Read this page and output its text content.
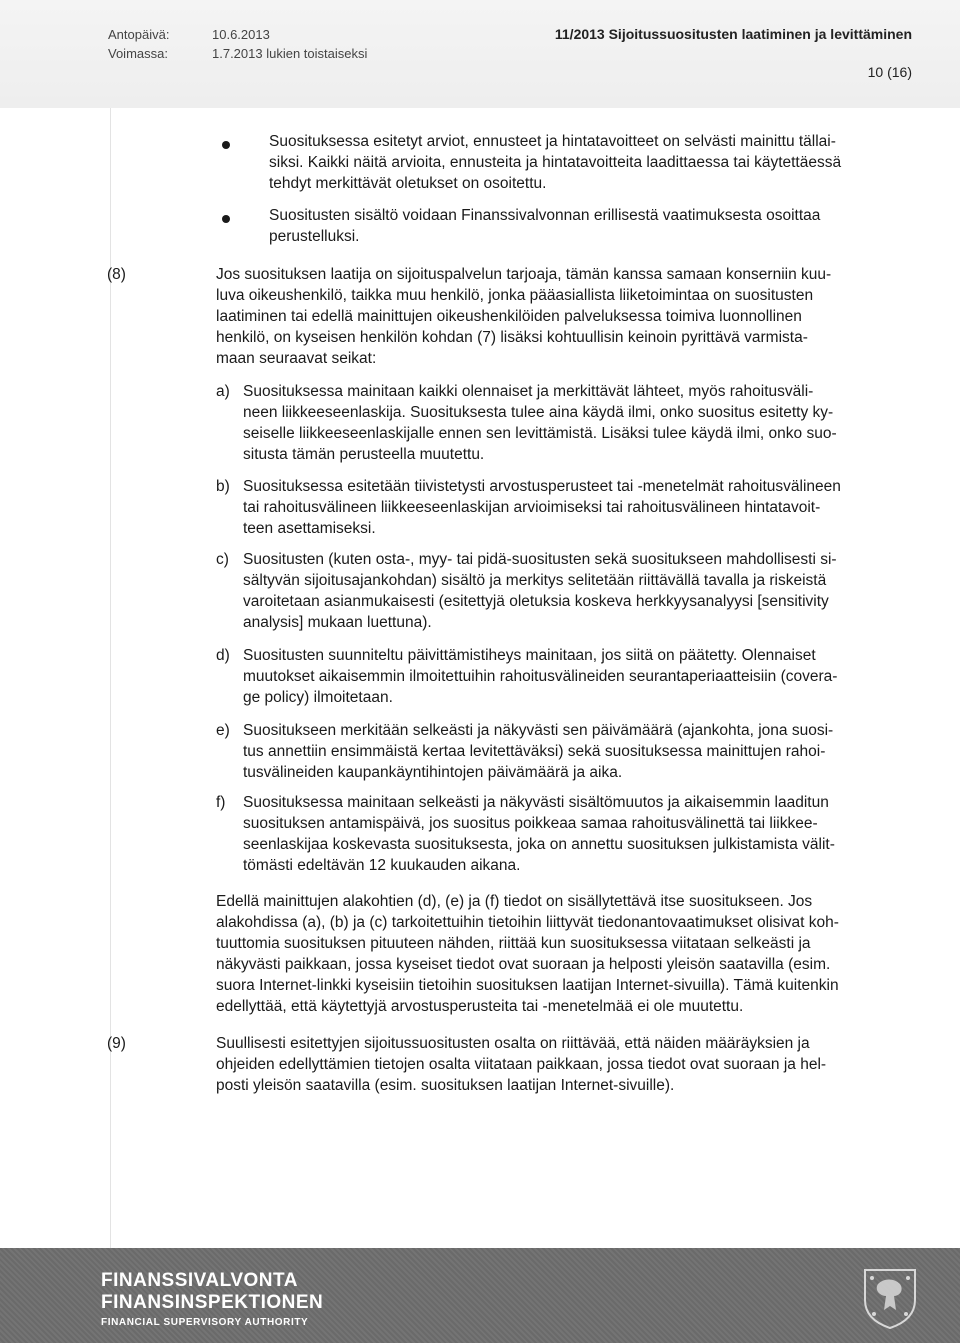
Antopäivä:	10.6.2013
Voimassa:	1.7.2013 lukien toistaiseksi
11/2013 Sijoitussuositusten laatiminen ja levittäminen
10 (16)
Suosituksessa esitetyt arviot, ennusteet ja hintatavoitteet on selvästi mainittu tällai-
siksi. Kaikki näitä arvioita, ennusteita ja hintatavoitteita laadittaessa tai käytettäessä
tehdyt merkittävät oletukset on osoitettu.
Suositusten sisältö voidaan Finanssivalvonnan erillisestä vaatimuksesta osoittaa
perustelluksi.
(8)	Jos suosituksen laatija on sijoituspalvelun tarjoaja, tämän kanssa samaan konserniin kuu-
luva oikeushenkilö, taikka muu henkilö, jonka pääasiallista liiketoimintaa on suositusten
laatiminen tai edellä mainittujen oikeushenkilöiden palveluksessa toimiva luonnollinen
henkilö, on kyseisen henkilön kohdan (7) lisäksi kohtuullisin keinoin pyrittävä varmista-
maan seuraavat seikat:
a) Suosituksessa mainitaan kaikki olennaiset ja merkittävät lähteet, myös rahoitusväli-
neen liikkeeseenlaskija. Suosituksesta tulee aina käydä ilmi, onko suositus esitetty ky-
seiselle liikkeeseenlaskijalle ennen sen levittämistä. Lisäksi tulee käydä ilmi, onko suo-
situsta tämän perusteella muutettu.
b) Suosituksessa esitetään tiivistetysti arvostusperusteet tai -menetelmät rahoitusvälineen
tai rahoitusvälineen liikkeeseenlaskijan arvioimiseksi tai rahoitusvälineen hintatavoit-
teen asettamiseksi.
c) Suositusten (kuten osta-, myy- tai pidä-suositusten sekä suositukseen mahdollisesti si-
sältyvän sijoitusajankohdan) sisältö ja merkitys selitetään riittävällä tavalla ja riskeistä
varoitetaan asianmukaisesti (esitettyjä oletuksia koskeva herkkyysanalyysi [sensitivity
analysis] mukaan luettuna).
d) Suositusten suunniteltu päivittämistiheys mainitaan, jos siitä on päätetty. Olennaiset
muutokset aikaisemmin ilmoitettuihin rahoitusvälineiden seurantaperiaatteisiin (covera-
ge policy) ilmoitetaan.
e) Suositukseen merkitään selkeästi ja näkyvästi sen päivämäärä (ajankohta, jona suosi-
tus annettiin ensimmäistä kertaa levitettäväksi) sekä suosituksessa mainittujen rahoi-
tusvälineiden kaupankäyntihintojen päivämäärä ja aika.
f) Suosituksessa mainitaan selkeästi ja näkyvästi sisältömuutos ja aikaisemmin laaditun
suosituksen antamispäivä, jos suositus poikkeaa samaa rahoitusvälinettä tai liikkee-
seenlaskijaa koskevasta suosituksesta, joka on annettu suosituksen julkistamista välit-
tömästi edeltävän 12 kuukauden aikana.
Edellä mainittujen alakohtien (d), (e) ja (f) tiedot on sisällytettävä itse suositukseen. Jos
alakohdissa (a), (b) ja (c) tarkoitettuihin tietoihin liittyvät tiedonantovaatimukset olisivat koh-
tuuttomia suosituksen pituuteen nähden, riittää kun suosituksessa viitataan selkeästi ja
näkyvästi paikkaan, jossa kyseiset tiedot ovat suoraan ja helposti yleisön saatavilla (esim.
suora Internet-linkki kyseisiin tietoihin suosituksen laatijan Internet-sivuilla). Tämä kuitenkin
edellyttää, että käytettyjä arvostusperusteita tai -menetelmää ei ole muutettu.
(9)	Suullisesti esitettyjen sijoitussuositusten osalta on riittävää, että näiden määräyksien ja
ohjeiden edellyttämien tietojen osalta viitataan paikkaan, jossa tiedot ovat suoraan ja hel-
posti yleisön saatavilla (esim. suosituksen laatijan Internet-sivuille).
FINANSSIVALVONTA
FINANSINSPEKTIONEN
FINANCIAL SUPERVISORY AUTHORITY
